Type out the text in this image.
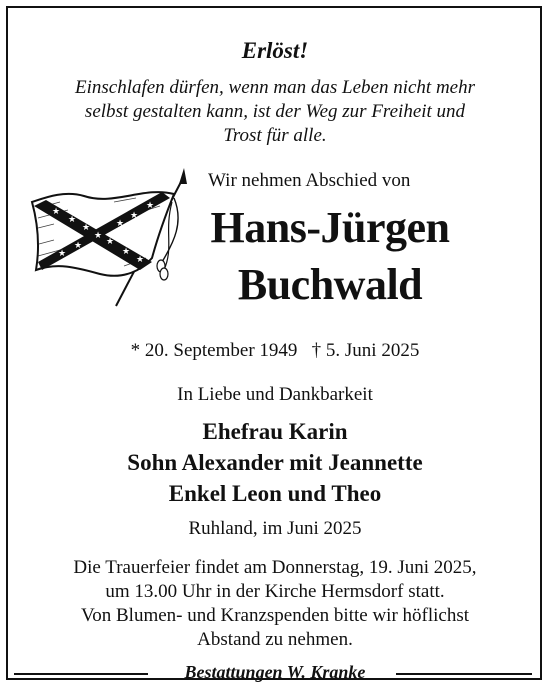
Erlöst!
Einschlafen dürfen, wenn man das Leben nicht mehr
selbst gestalten kann, ist der Weg zur Freiheit und
Trost für alle.
★
★
★
★
★
★
★
★
★
★
★
★
Wir nehmen Abschied von
Hans-Jürgen
Buchwald
* 20. September 1949   † 5. Juni 2025
In Liebe und Dankbarkeit
Ehefrau Karin
Sohn Alexander mit Jeannette
Enkel Leon und Theo
Ruhland, im Juni 2025
Die Trauerfeier findet am Donnerstag, 19. Juni 2025,
um 13.00 Uhr in der Kirche Hermsdorf statt.
Von Blumen- und Kranzspenden bitte wir höflichst
Abstand zu nehmen.
Bestattungen W. Kranke
